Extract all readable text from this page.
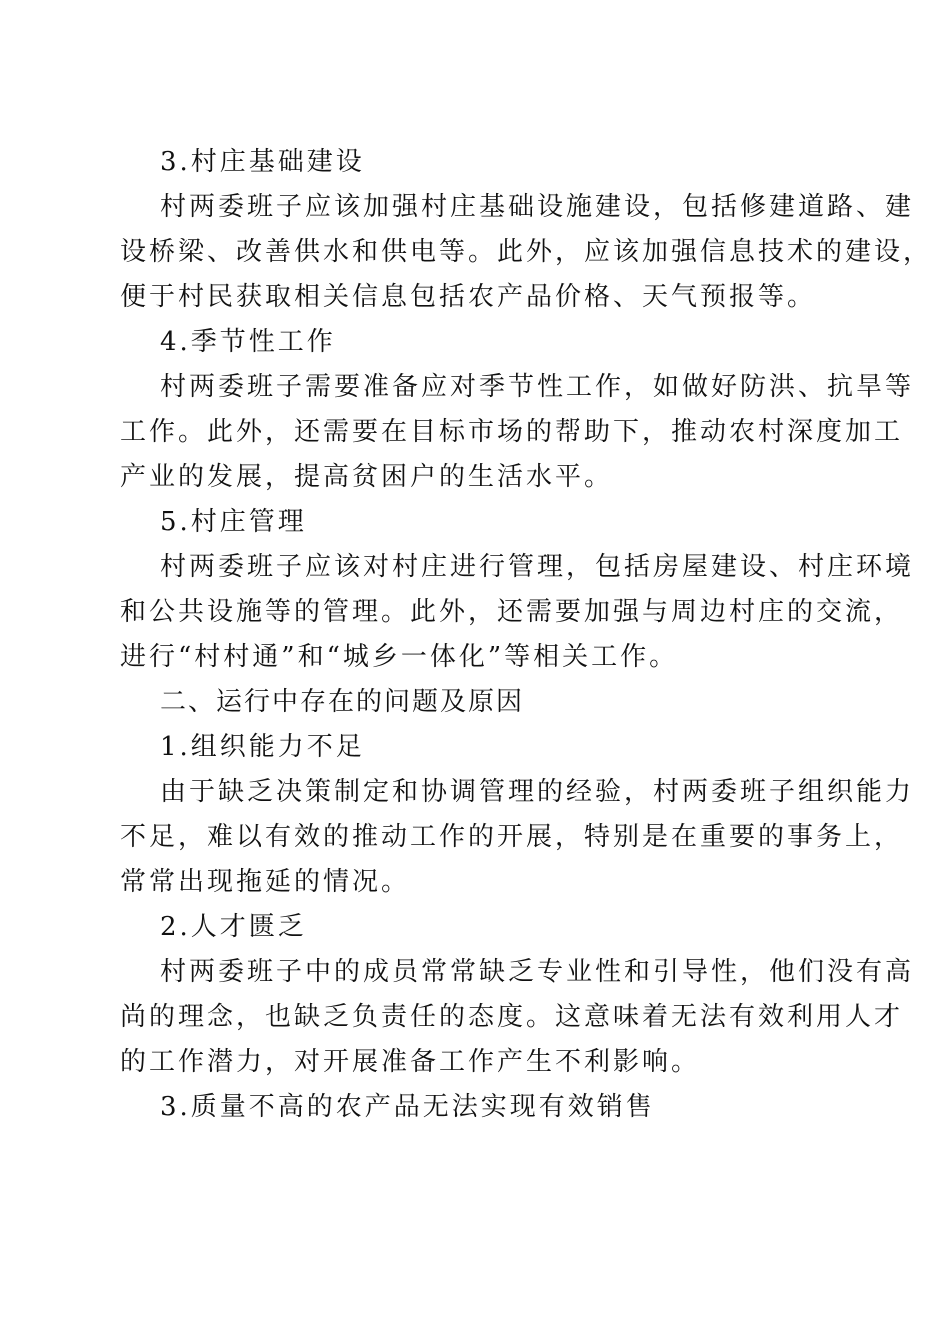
3.村庄基础建设

村两委班子应该加强村庄基础设施建设，包括修建道路、建
设桥梁、改善供水和供电等。此外，应该加强信息技术的建设，
便于村民获取相关信息包括农产品价格、天气预报等。

4.季节性工作

村两委班子需要准备应对季节性工作，如做好防洪、抗旱等
工作。此外，还需要在目标市场的帮助下，推动农村深度加工
产业的发展，提高贫困户的生活水平。

5.村庄管理

村两委班子应该对村庄进行管理，包括房屋建设、村庄环境
和公共设施等的管理。此外，还需要加强与周边村庄的交流，
进行“村村通”和“城乡一体化”等相关工作。

二、运行中存在的问题及原因

1.组织能力不足

由于缺乏决策制定和协调管理的经验，村两委班子组织能力
不足，难以有效的推动工作的开展，特别是在重要的事务上，
常常出现拖延的情况。

2.人才匮乏

村两委班子中的成员常常缺乏专业性和引导性，他们没有高
尚的理念，也缺乏负责任的态度。这意味着无法有效利用人才
的工作潜力，对开展准备工作产生不利影响。

3.质量不高的农产品无法实现有效销售
